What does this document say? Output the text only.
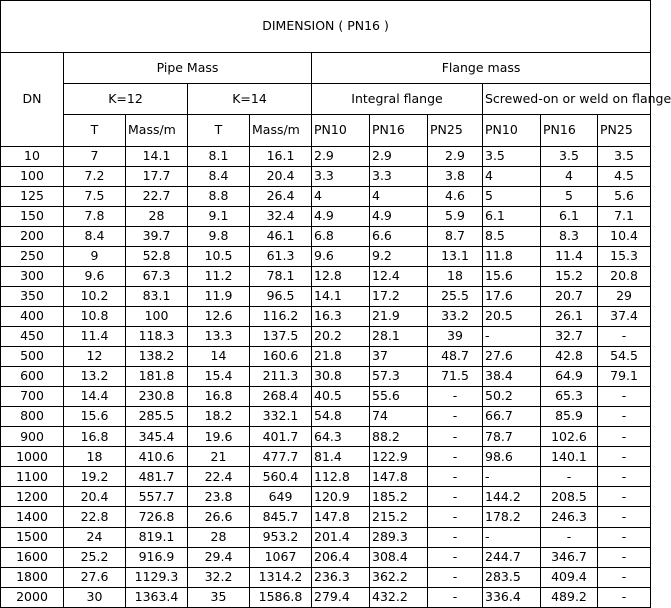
DIMENSION ( PN16 )										
DN	Pipe Mass				Flange mass					
	K=12		K=14		Integral flange			Screwed-on or weld on flange		
	T	Mass/m	T	Mass/m	PN10	PN16	PN25	PN10	PN16	PN25
10	7	14.1	8.1	16.1	2.9	2.9	2.9	3.5	3.5	3.5
100	7.2	17.7	8.4	20.4	3.3	3.3	3.8	4	4	4.5
125	7.5	22.7	8.8	26.4	4	4	4.6	5	5	5.6
150	7.8	28	9.1	32.4	4.9	4.9	5.9	6.1	6.1	7.1
200	8.4	39.7	9.8	46.1	6.8	6.6	8.7	8.5	8.3	10.4
250	9	52.8	10.5	61.3	9.6	9.2	13.1	11.8	11.4	15.3
300	9.6	67.3	11.2	78.1	12.8	12.4	18	15.6	15.2	20.8
350	10.2	83.1	11.9	96.5	14.1	17.2	25.5	17.6	20.7	29
400	10.8	100	12.6	116.2	16.3	21.9	33.2	20.5	26.1	37.4
450	11.4	118.3	13.3	137.5	20.2	28.1	39	-	32.7	-
500	12	138.2	14	160.6	21.8	37	48.7	27.6	42.8	54.5
600	13.2	181.8	15.4	211.3	30.8	57.3	71.5	38.4	64.9	79.1
700	14.4	230.8	16.8	268.4	40.5	55.6	-	50.2	65.3	-
800	15.6	285.5	18.2	332.1	54.8	74	-	66.7	85.9	-
900	16.8	345.4	19.6	401.7	64.3	88.2	-	78.7	102.6	-
1000	18	410.6	21	477.7	81.4	122.9	-	98.6	140.1	-
1100	19.2	481.7	22.4	560.4	112.8	147.8	-	-	-	-
1200	20.4	557.7	23.8	649	120.9	185.2	-	144.2	208.5	-
1400	22.8	726.8	26.6	845.7	147.8	215.2	-	178.2	246.3	-
1500	24	819.1	28	953.2	201.4	289.3	-	-	-	-
1600	25.2	916.9	29.4	1067	206.4	308.4	-	244.7	346.7	-
1800	27.6	1129.3	32.2	1314.2	236.3	362.2	-	283.5	409.4	-
2000	30	1363.4	35	1586.8	279.4	432.2	-	336.4	489.2	-
